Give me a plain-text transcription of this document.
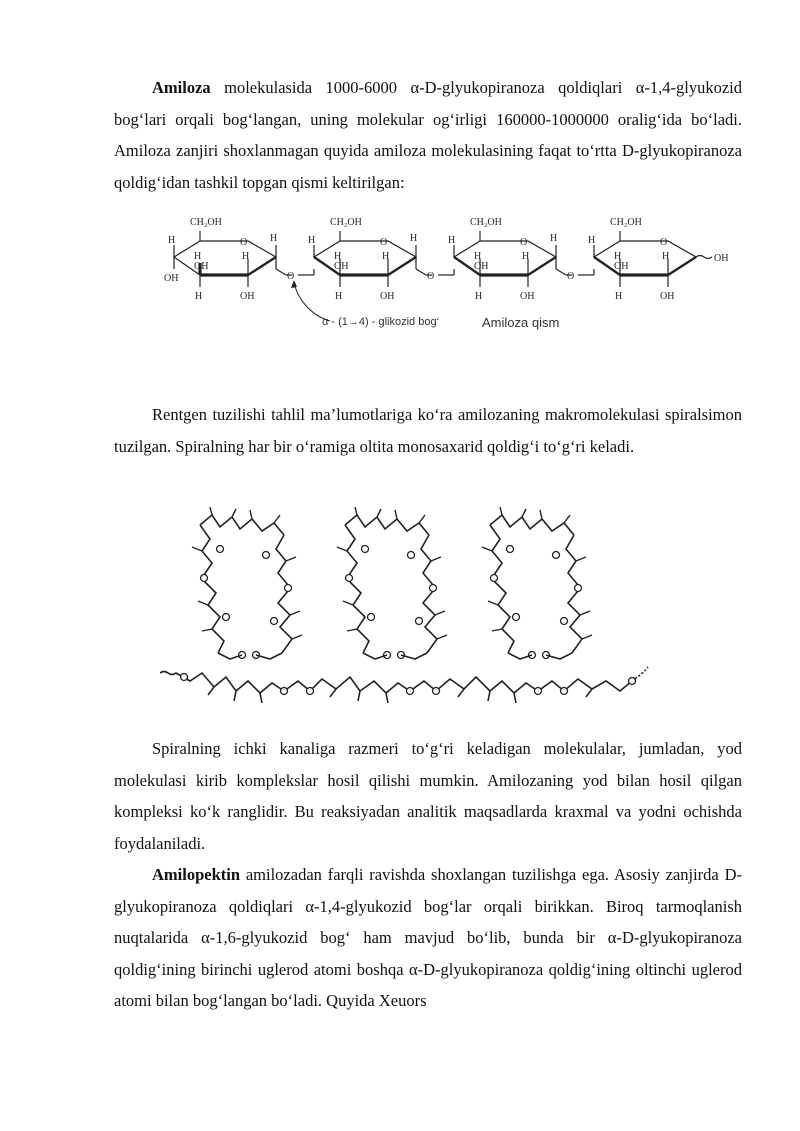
Amiloza molekulasida 1000-6000 α-D-glyukopiranoza qoldiqlari α-1,4-glyukozid bog‘lari orqali bog‘langan, uning molekular og‘irligi 160000-1000000 oralig‘ida bo‘ladi. Amiloza zanjiri shoxlanmagan quyida amiloza molekulasining faqat to‘rtta D-glyukopiranoza qoldig‘idan tashkil topgan qismi keltirilgan:

CH₂OH
O H
H
H
OH
H
OH
H	OH
O
CH₂OH
O H
H
H
OH
H
H	OH
O
CH₂OH
O H
H
H
OH
H
H	OH
O
CH₂OH
O
H
H
OH
H
H	OH
OH
α - (1→4) - glikozid bog‘	Amiloza qism

Rentgen tuzilishi tahlil ma’lumotlariga ko‘ra amilozaning makromolekulasi spiralsimon tuzilgan. Spiralning har bir o‘ramiga oltita monosaxarid qoldig‘i to‘g‘ri keladi.

Spiralning ichki kanaliga razmeri to‘g‘ri keladigan molekulalar, jumladan, yod molekulasi kirib komplekslar hosil qilishi mumkin. Amilozaning yod bilan hosil qilgan kompleksi ko‘k ranglidir. Bu reaksiyadan analitik maqsadlarda kraxmal va yodni ochishda foydalaniladi.

Amilopektin amilozadan farqli ravishda shoxlangan tuzilishga ega. Asosiy zanjirda D-glyukopiranoza qoldiqlari α-1,4-glyukozid bog‘lar orqali birikkan. Biroq tarmoqlanish nuqtalarida α-1,6-glyukozid bog‘ ham mavjud bo‘lib, bunda bir α-D-glyukopiranoza qoldig‘ining birinchi uglerod atomi boshqa α-D-glyukopiranoza qoldig‘ining oltinchi uglerod atomi bilan bog‘langan bo‘ladi. Quyida Xeuors
